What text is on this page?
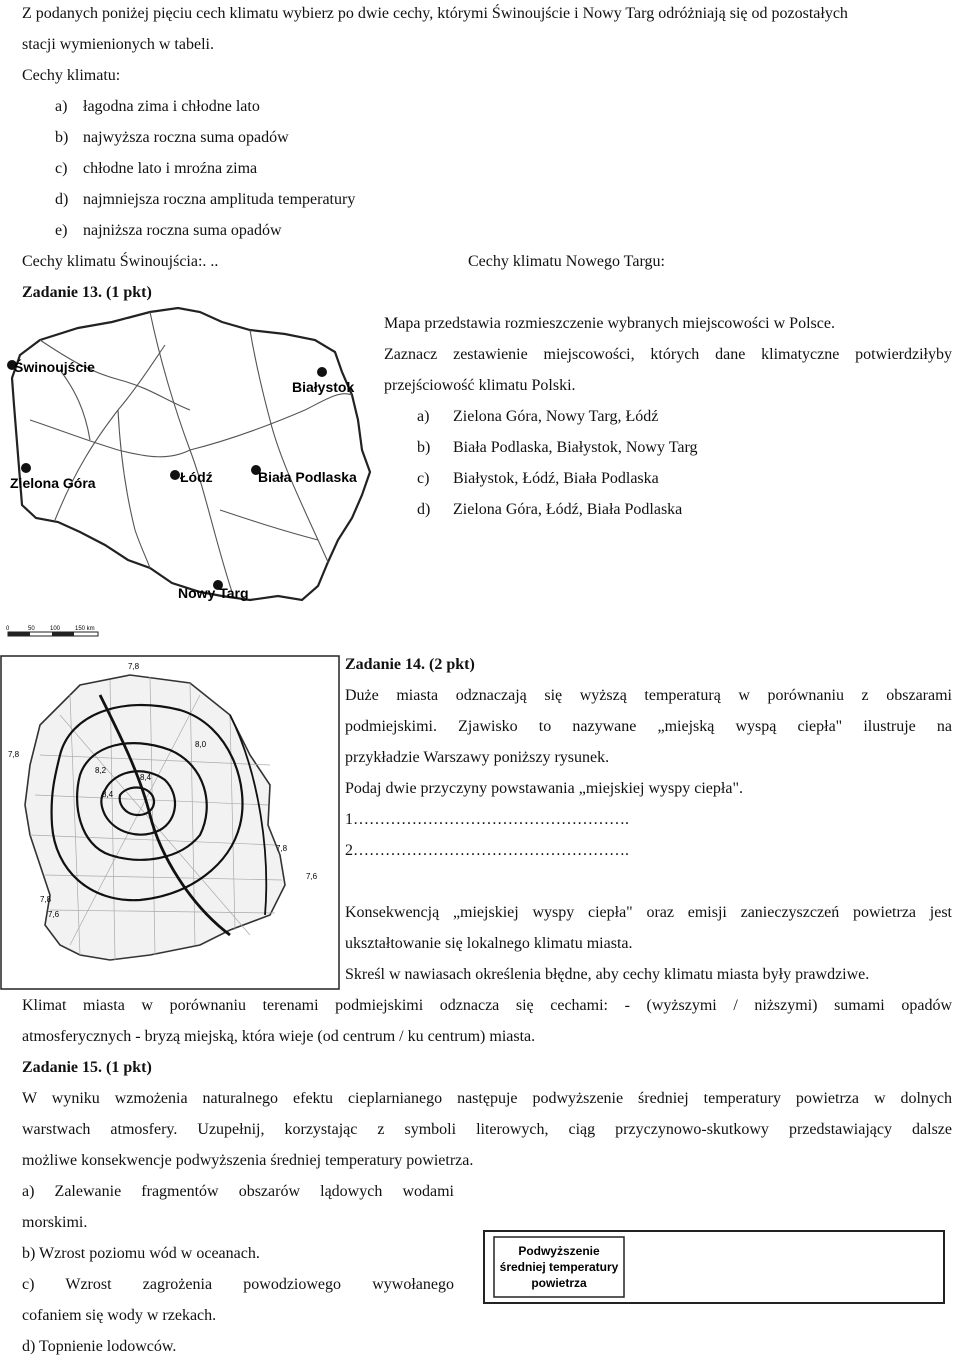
Z podanych poniżej pięciu cech klimatu wybierz po dwie cechy, którymi Świnoujście i Nowy Targ odróżniają się od pozostałych
stacji wymienionych w tabeli.
Cechy klimatu:
a) łagodna zima i chłodne lato
b) najwyższa roczna suma opadów
c) chłodne lato i mroźna zima
d) najmniejsza roczna amplituda temperatury
e) najniższa roczna suma opadów
Cechy klimatu Świnoujścia:. ..	Cechy klimatu Nowego Targu:
Zadanie 13. (1 pkt)
Świnoujście
Białystok
Zielona Góra	Łódź	Biała Podlaska
Nowy Targ
0	50	100 150 km
Mapa przedstawia rozmieszczenie wybranych miejscowości w Polsce.
Zaznacz zestawienie miejscowości, których dane klimatyczne potwierdziłyby
przejściowość klimatu Polski.
a) Zielona Góra, Nowy Targ, Łódź
b) Biała Podlaska, Białystok, Nowy Targ
c) Białystok, Łódź, Biała Podlaska
d) Zielona Góra, Łódź, Biała Podlaska
7,8
7,8
8,0
8,2
8,4
8,4
7,8
7,6
7,8
7,6
Zadanie 14. (2 pkt)
Duże miasta odznaczają się wyższą temperaturą w porównaniu z obszarami
podmiejskimi. Zjawisko to nazywane „miejską wyspą ciepła" ilustruje na
przykładzie Warszawy poniższy rysunek.
Podaj dwie przyczyny powstawania „miejskiej wyspy ciepła".
1…………………………………………….
2…………………………………………….
Konsekwencją „miejskiej wyspy ciepła" oraz emisji zanieczyszczeń powietrza jest
ukształtowanie się lokalnego klimatu miasta.
Skreśl w nawiasach określenia błędne, aby cechy klimatu miasta były prawdziwe.
Klimat miasta w porównaniu terenami podmiejskimi odznacza się cechami: - (wyższymi / niższymi) sumami opadów
atmosferycznych - bryzą miejską, która wieje (od centrum / ku centrum) miasta.
Zadanie 15. (1 pkt)
W wyniku wzmożenia naturalnego efektu cieplarnianego następuje podwyższenie średniej temperatury powietrza w dolnych
warstwach atmosfery. Uzupełnij, korzystając z symboli literowych, ciąg przyczynowo-skutkowy przedstawiający dalsze
możliwe konsekwencje podwyższenia średniej temperatury powietrza.
a) Zalewanie fragmentów obszarów lądowych wodami
morskimi.
b) Wzrost poziomu wód w oceanach.
c) Wzrost zagrożenia powodziowego wywołanego
cofaniem się wody w rzekach.
d) Topnienie lodowców.
Podwyższenie
średniej temperatury
powietrza
